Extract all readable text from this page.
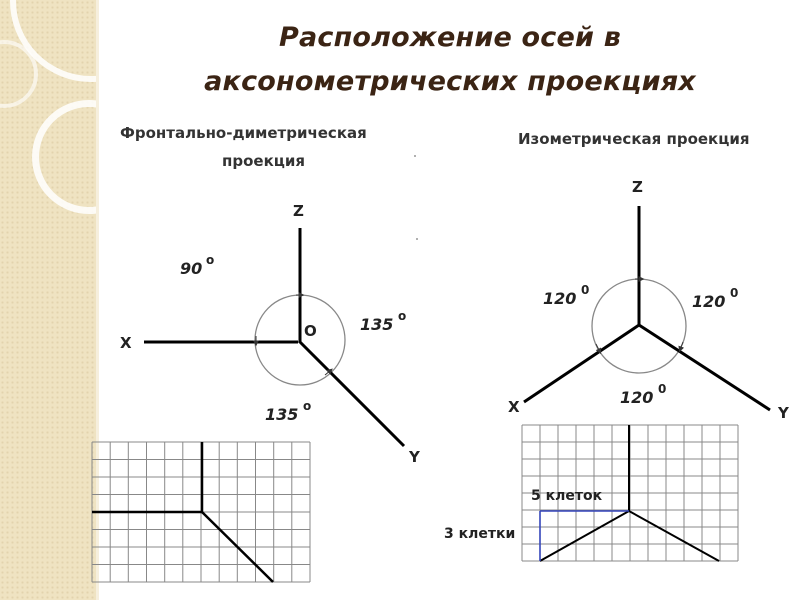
Расположение осей в
аксонометрических проекциях
Фронтально-диметрическая
проекция
Z
X
Y
O
90 o
135 o
135 o
Изометрическая проекция
Z
X	Y
120 0
120 0
120 0
5 клеток
3 клетки
